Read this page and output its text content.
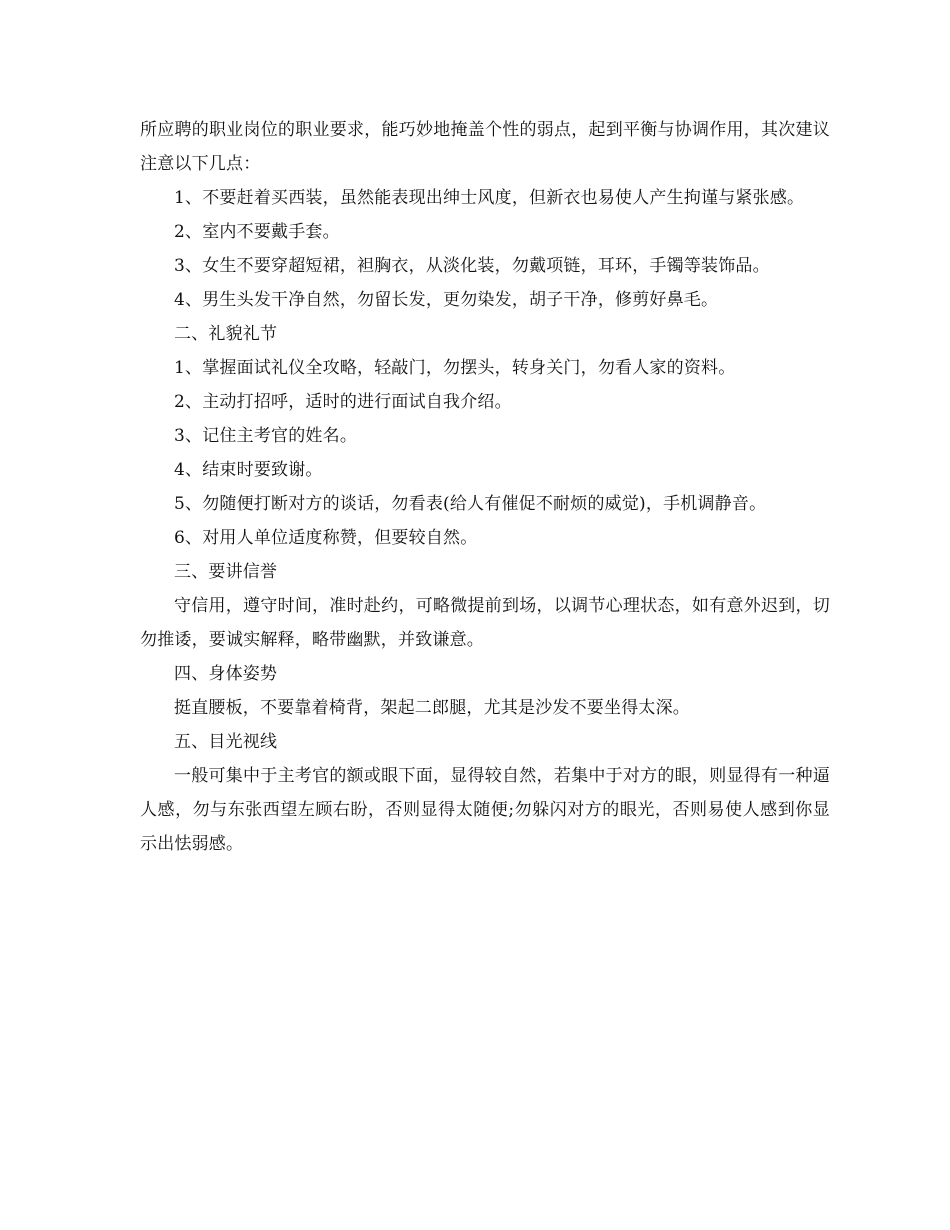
所应聘的职业岗位的职业要求，能巧妙地掩盖个性的弱点，起到平衡与协调作用，其次建议注意以下几点：

1、不要赶着买西装，虽然能表现出绅士风度，但新衣也易使人产生拘谨与紧张感。

2、室内不要戴手套。

3、女生不要穿超短裙，袒胸衣，从淡化装，勿戴项链，耳环，手镯等装饰品。

4、男生头发干净自然，勿留长发，更勿染发，胡子干净，修剪好鼻毛。

二、礼貌礼节

1、掌握面试礼仪全攻略，轻敲门，勿摆头，转身关门，勿看人家的资料。

2、主动打招呼，适时的进行面试自我介绍。

3、记住主考官的姓名。

4、结束时要致谢。

5、勿随便打断对方的谈话，勿看表(给人有催促不耐烦的威觉)，手机调静音。

6、对用人单位适度称赞，但要较自然。

三、要讲信誉

守信用，遵守时间，准时赴约，可略微提前到场，以调节心理状态，如有意外迟到，切勿推诿，要诚实解释，略带幽默，并致谦意。

四、身体姿势

挺直腰板，不要靠着椅背，架起二郎腿，尤其是沙发不要坐得太深。

五、目光视线

一般可集中于主考官的额或眼下面，显得较自然，若集中于对方的眼，则显得有一种逼人感，勿与东张西望左顾右盼，否则显得太随便;勿躲闪对方的眼光，否则易使人感到你显示出怯弱感。
